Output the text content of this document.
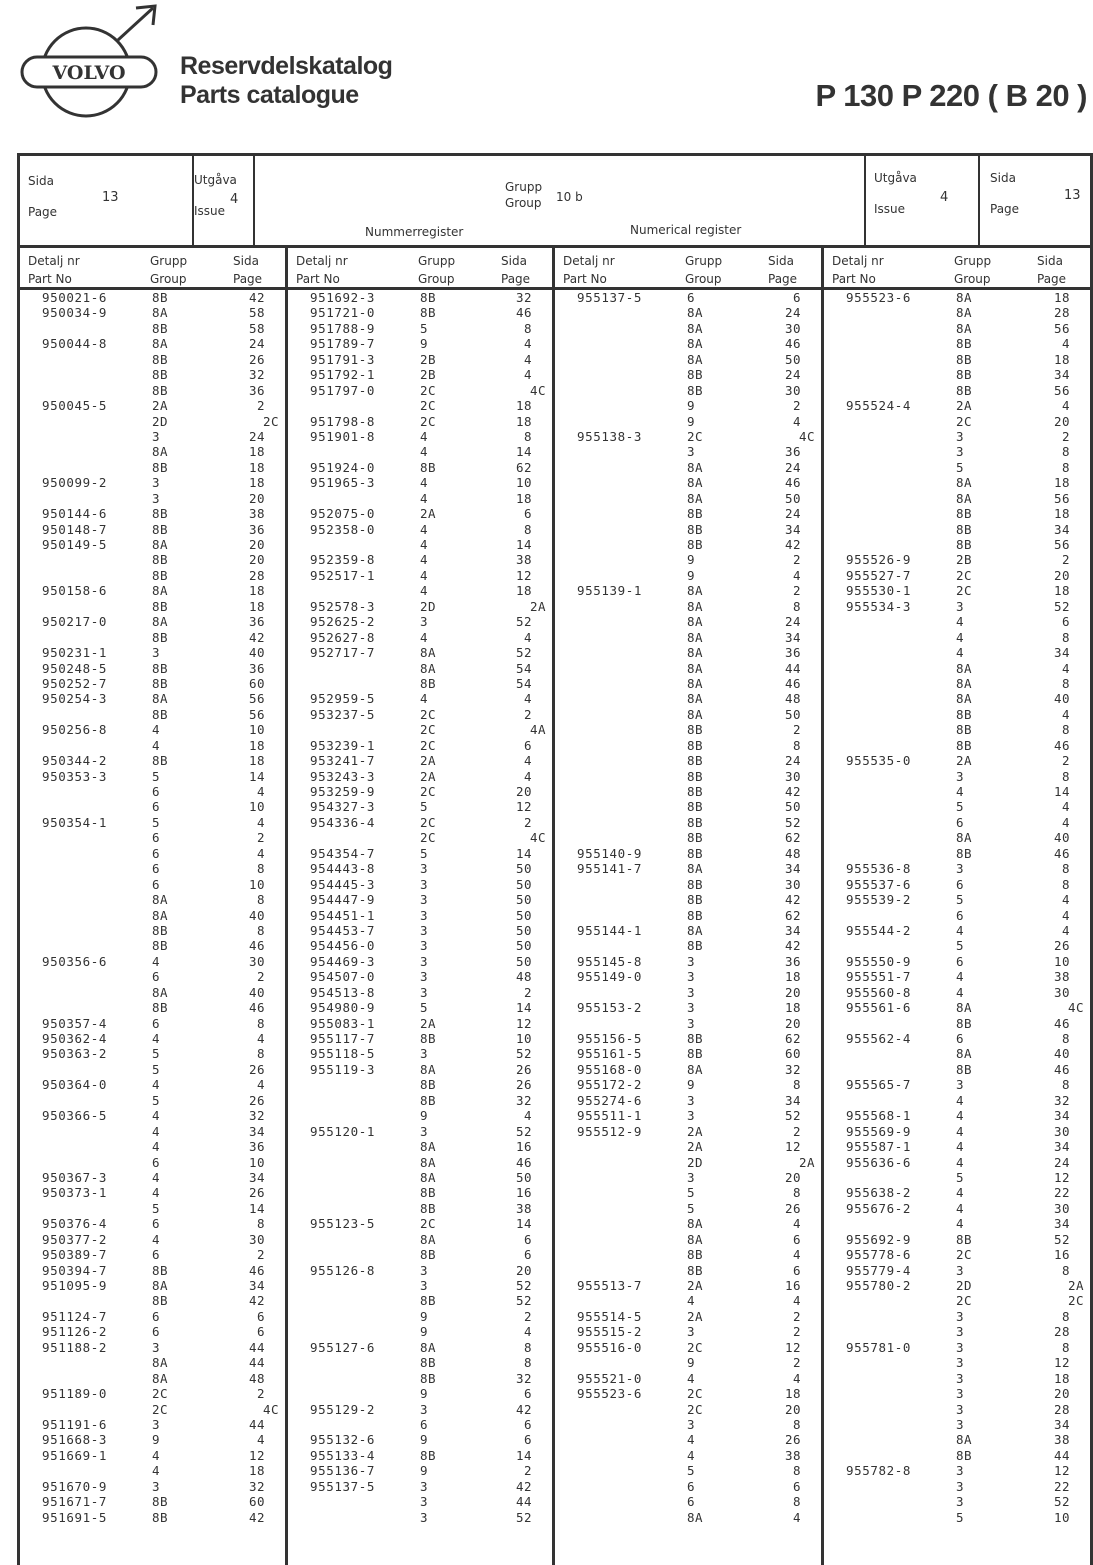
VOLVO Reservdelskatalog
Parts catalogue	P 130 P 220 ( B 20 )
Sida
13
Page
Utgåva
4
Issue
Grupp
Group 10 b
Nummerregister	Numerical register
Utgåva
4
Issue
Sida
13
Page
Detalj nr
Part No
Grupp
Group
Sida
Page
Detalj nr
Part No
Grupp
Group
Sida
Page
Detalj nr
Part No
Grupp
Group
Sida
Page
Detalj nr
Part No
Grupp
Group
Sida
Page
950021-6	8B	42
950034-9	8A	58
8B	58
950044-8	8A	24
8B	26
8B	32
8B	36
950045-5	2A	2
2D	2C
3	24
8A	18
8B	18
950099-2	3	18
3	20
950144-6	8B	38
950148-7	8B	36
950149-5	8A	20
8B	20
8B	28
950158-6	8A	18
8B	18
950217-0	8A	36
8B	42
950231-1	3	40
950248-5	8B	36
950252-7	8B	60
950254-3	8A	56
8B	56
950256-8	4	10
4	18
950344-2	8B	18
950353-3	5	14
6	4
6	10
950354-1	5	4
6	2
6	4
6	8
6	10
8A	8
8A	40
8B	8
8B	46
950356-6	4	30
6	2
8A	40
8B	46
950357-4	6	8
950362-4	4	4
950363-2	5	8
5	26
950364-0	4	4
5	26
950366-5	4	32
4	34
4	36
6	10
950367-3	4	34
950373-1	4	26
5	14
950376-4	6	8
950377-2	4	30
950389-7	6	2
950394-7	8B	46
951095-9	8A	34
8B	42
951124-7	6	6
951126-2	6	6
951188-2	3	44
8A	44
8A	48
951189-0	2C	2
2C	4C
951191-6	3	44
951668-3	9	4
951669-1	4	12
4	18
951670-9	3	32
951671-7	8B	60
951691-5	8B	42
951692-3	8B	32
951721-0	8B	46
951788-9	5	8
951789-7	9	4
951791-3	2B	4
951792-1	2B	4
951797-0	2C	4C
2C	18
951798-8	2C	18
951901-8	4	8
4	14
951924-0	8B	62
951965-3	4	10
4	18
952075-0	2A	6
952358-0	4	8
4	14
952359-8	4	38
952517-1	4	12
4	18
952578-3	2D	2A
952625-2	3	52
952627-8	4	4
952717-7	8A	52
8A	54
8B	54
952959-5	4	4
953237-5	2C	2
2C	4A
953239-1	2C	6
953241-7	2A	4
953243-3	2A	4
953259-9	2C	20
954327-3	5	12
954336-4	2C	2
2C	4C
954354-7	5	14
954443-8	3	50
954445-3	3	50
954447-9	3	50
954451-1	3	50
954453-7	3	50
954456-0	3	50
954469-3	3	50
954507-0	3	48
954513-8	3	2
954980-9	5	14
955083-1	2A	12
955117-7	8B	10
955118-5	3	52
955119-3	8A	26
8B	26
8B	32
9	4
955120-1	3	52
8A	16
8A	46
8A	50
8B	16
8B	38
955123-5	2C	14
8A	6
8B	6
955126-8	3	20
3	52
8B	52
9	2
9	4
955127-6	8A	8
8B	8
8B	32
9	6
955129-2	3	42
6	6
955132-6	9	6
955133-4	8B	14
955136-7	9	2
955137-5	3	42
3	44
3	52
955137-5	6	6
8A	24
8A	30
8A	46
8A	50
8B	24
8B	30
9	2
9	4
955138-3	2C	4C
3	36
8A	24
8A	46
8A	50
8B	24
8B	34
8B	42
9	2
9	4
955139-1	8A	2
8A	8
8A	24
8A	34
8A	36
8A	44
8A	46
8A	48
8A	50
8B	2
8B	8
8B	24
8B	30
8B	42
8B	50
8B	52
8B	62
955140-9	8B	48
955141-7	8A	34
8B	30
8B	42
8B	62
955144-1	8A	34
8B	42
955145-8	3	36
955149-0	3	18
3	20
955153-2	3	18
3	20
955156-5	8B	62
955161-5	8B	60
955168-0	8A	32
955172-2	9	8
955274-6	3	34
955511-1	3	52
955512-9	2A	2
2A	12
2D	2A
3	20
5	8
5	26
8A	4
8A	6
8B	4
8B	6
955513-7	2A	16
4	4
955514-5	2A	2
955515-2	3	2
955516-0	2C	12
9	2
955521-0	4	4
955523-6	2C	18
2C	20
3	8
4	26
4	38
5	8
6	6
6	8
8A	4
955523-6	8A	18
8A	28
8A	56
8B	4
8B	18
8B	34
8B	56
955524-4	2A	4
2C	20
3	2
3	8
5	8
8A	18
8A	56
8B	18
8B	34
8B	56
955526-9	2B	2
955527-7	2C	20
955530-1	2C	18
955534-3	3	52
4	6
4	8
4	34
8A	4
8A	8
8A	40
8B	4
8B	8
8B	46
955535-0	2A	2
3	8
4	14
5	4
6	4
8A	40
8B	46
955536-8	3	8
955537-6	6	8
955539-2	5	4
6	4
955544-2	4	4
5	26
955550-9	6	10
955551-7	4	38
955560-8	4	30
955561-6	8A	4C
8B	46
955562-4	6	8
8A	40
8B	46
955565-7	3	8
4	32
955568-1	4	34
955569-9	4	30
955587-1	4	34
955636-6	4	24
5	12
955638-2	4	22
955676-2	4	30
4	34
955692-9	8B	52
955778-6	2C	16
955779-4	3	8
955780-2	2D	2A
2C	2C
3	8
3	28
955781-0	3	8
3	12
3	18
3	20
3	28
3	34
8A	38
8B	44
955782-8	3	12
3	22
3	52
5	10
